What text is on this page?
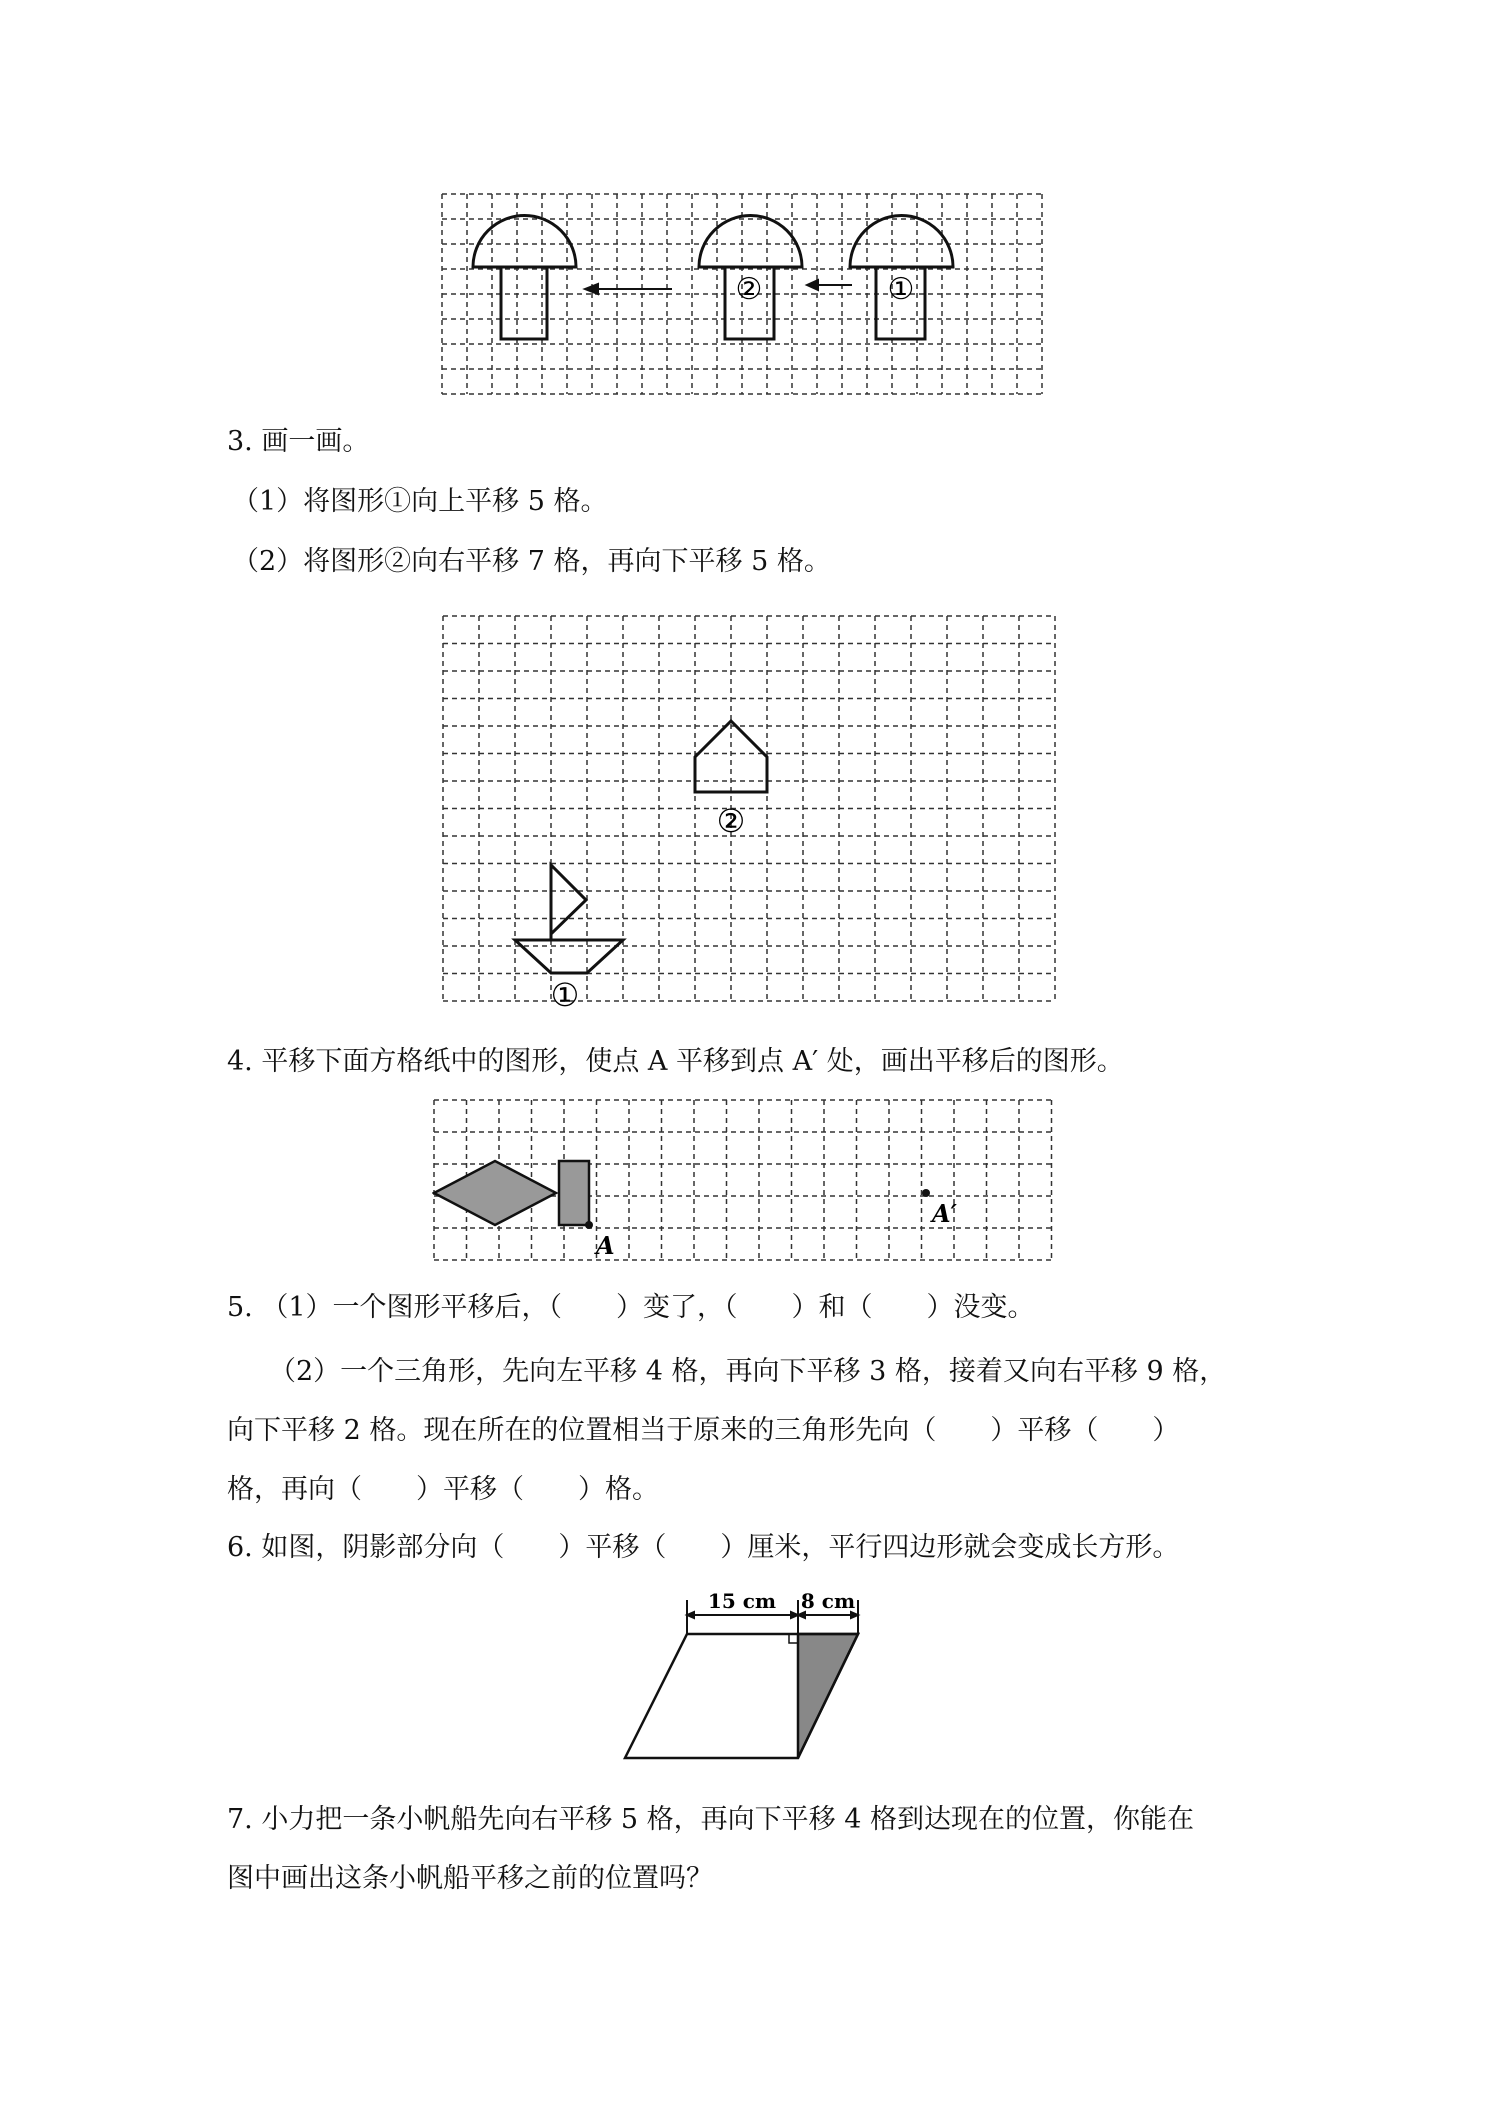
②	①
3. 画一画。
（1）将图形①向上平移 5 格。
（2）将图形②向右平移 7 格，再向下平移 5 格。
②
①
4. 平移下面方格纸中的图形，使点 A 平移到点 A′ 处，画出平移后的图形。
A
A′
5. （1）一个图形平移后，（　　）变了，（　　）和（　　）没变。
（2）一个三角形，先向左平移 4 格，再向下平移 3 格，接着又向右平移 9 格，
向下平移 2 格。现在所在的位置相当于原来的三角形先向（　　）平移（　　）
格，再向（　　）平移（　　）格。
6. 如图，阴影部分向（　　）平移（　　）厘米，平行四边形就会变成长方形。
15 cm 8 cm
7. 小力把一条小帆船先向右平移 5 格，再向下平移 4 格到达现在的位置，你能在
图中画出这条小帆船平移之前的位置吗？
